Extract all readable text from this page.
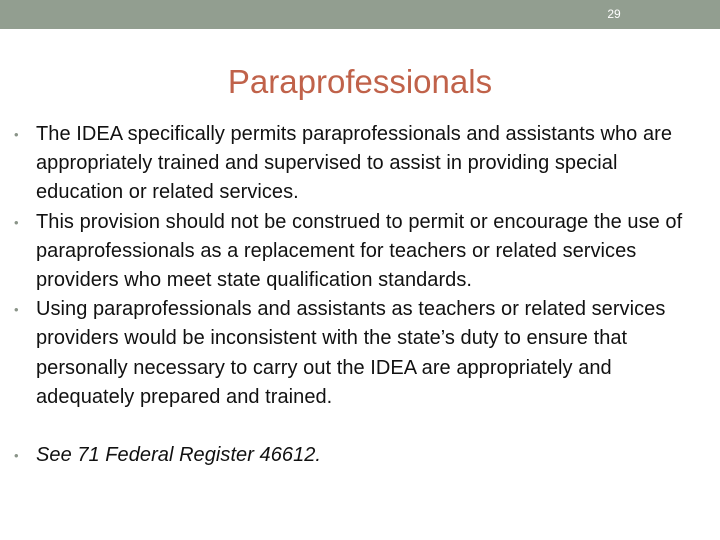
29
Paraprofessionals
• The IDEA specifically permits paraprofessionals and assistants who are appropriately trained and supervised to assist in providing special education or related services.
• This provision should not be construed to permit or encourage the use of paraprofessionals as a replacement for teachers or related services providers who meet state qualification standards.
• Using paraprofessionals and assistants as teachers or related services providers would be inconsistent with the state’s duty to ensure that personally necessary to carry out the IDEA are appropriately and adequately prepared and trained.
• See 71 Federal Register 46612.
